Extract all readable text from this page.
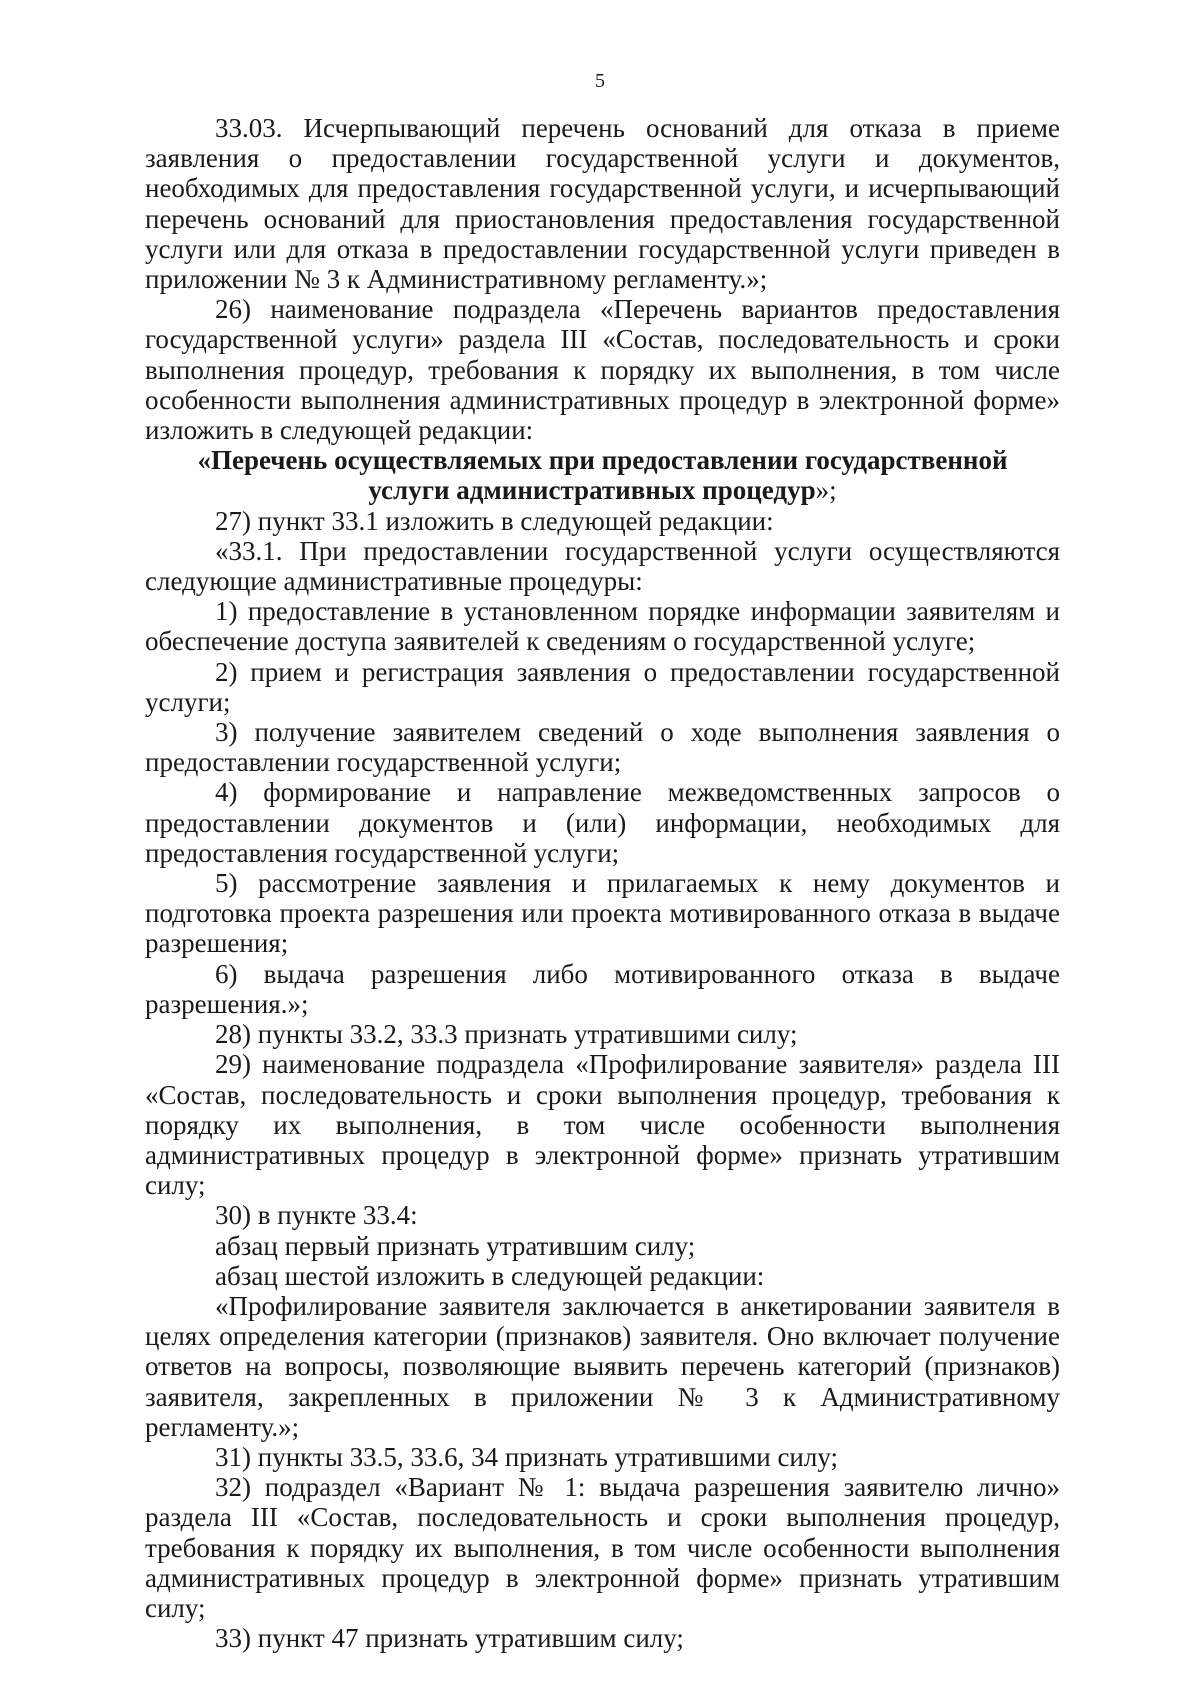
5

33.03. Исчерпывающий перечень оснований для отказа в приеме заявления о предоставлении государственной услуги и документов, необходимых для предоставления государственной услуги, и исчерпывающий перечень оснований для приостановления предоставления государственной услуги или для отказа в предоставлении государственной услуги приведен в приложении № 3 к Административному регламенту.»;

26) наименование подраздела «Перечень вариантов предоставления государственной услуги» раздела III «Состав, последовательность и сроки выполнения процедур, требования к порядку их выполнения, в том числе особенности выполнения административных процедур в электронной форме» изложить в следующей редакции:

«Перечень осуществляемых при предоставлении государственной услуги административных процедур»;

27) пункт 33.1 изложить в следующей редакции:

«33.1. При предоставлении государственной услуги осуществляются следующие административные процедуры:

1) предоставление в установленном порядке информации заявителям и обеспечение доступа заявителей к сведениям о государственной услуге;

2) прием и регистрация заявления о предоставлении государственной услуги;

3) получение заявителем сведений о ходе выполнения заявления о предоставлении государственной услуги;

4) формирование и направление межведомственных запросов о предоставлении документов и (или) информации, необходимых для предоставления государственной услуги;

5) рассмотрение заявления и прилагаемых к нему документов и подготовка проекта разрешения или проекта мотивированного отказа в выдаче разрешения;

6) выдача разрешения либо мотивированного отказа в выдаче разрешения.»;

28) пункты 33.2, 33.3 признать утратившими силу;

29) наименование подраздела «Профилирование заявителя» раздела III «Состав, последовательность и сроки выполнения процедур, требования к порядку их выполнения, в том числе особенности выполнения административных процедур в электронной форме» признать утратившим силу;

30) в пункте 33.4:

абзац первый признать утратившим силу;

абзац шестой изложить в следующей редакции:

«Профилирование заявителя заключается в анкетировании заявителя в целях определения категории (признаков) заявителя. Оно включает получение ответов на вопросы, позволяющие выявить перечень категорий (признаков) заявителя, закрепленных в приложении № 3 к Административному регламенту.»;

31) пункты 33.5, 33.6, 34 признать утратившими силу;

32) подраздел «Вариант № 1: выдача разрешения заявителю лично» раздела III «Состав, последовательность и сроки выполнения процедур, требования к порядку их выполнения, в том числе особенности выполнения административных процедур в электронной форме» признать утратившим силу;

33) пункт 47 признать утратившим силу;
